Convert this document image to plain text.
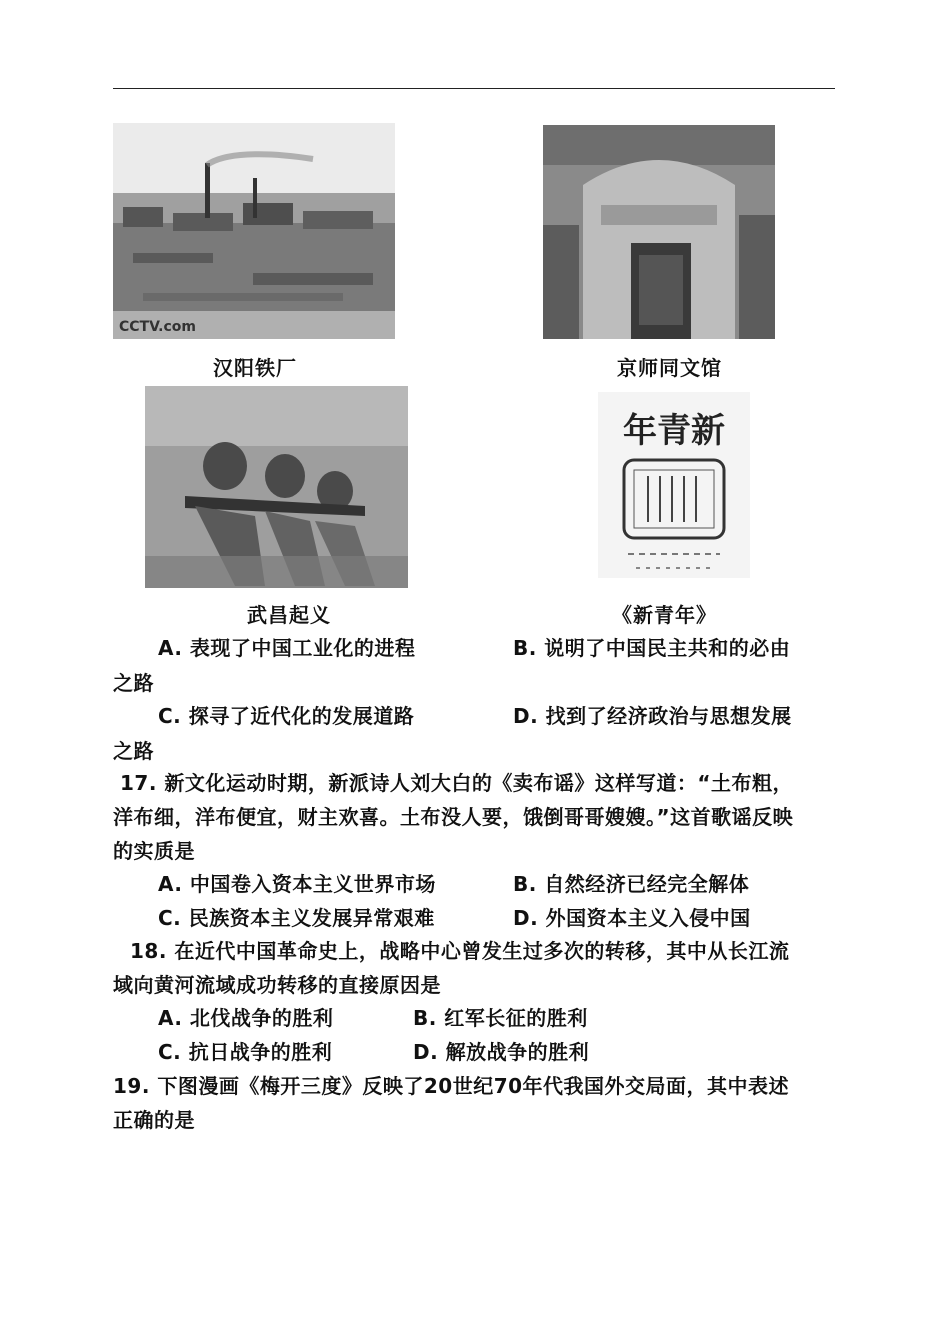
CCTV.com
汉阳铁厂	京师同文馆
武昌起义
年青新
《新青年》
A. 表现了中国工业化的进程	B. 说明了中国民主共和的必由
之路
C. 探寻了近代化的发展道路	D. 找到了经济政治与思想发展
之路
17. 新文化运动时期，新派诗人刘大白的《卖布谣》这样写道：“土布粗，
洋布细，洋布便宜，财主欢喜。土布没人要，饿倒哥哥嫂嫂。”这首歌谣反映
的实质是
A. 中国卷入资本主义世界市场	B. 自然经济已经完全解体
C. 民族资本主义发展异常艰难	D. 外国资本主义入侵中国
18. 在近代中国革命史上，战略中心曾发生过多次的转移，其中从长江流
域向黄河流域成功转移的直接原因是
A. 北伐战争的胜利	B. 红军长征的胜利
C. 抗日战争的胜利	D. 解放战争的胜利
19. 下图漫画《梅开三度》反映了20世纪70年代我国外交局面，其中表述
正确的是
